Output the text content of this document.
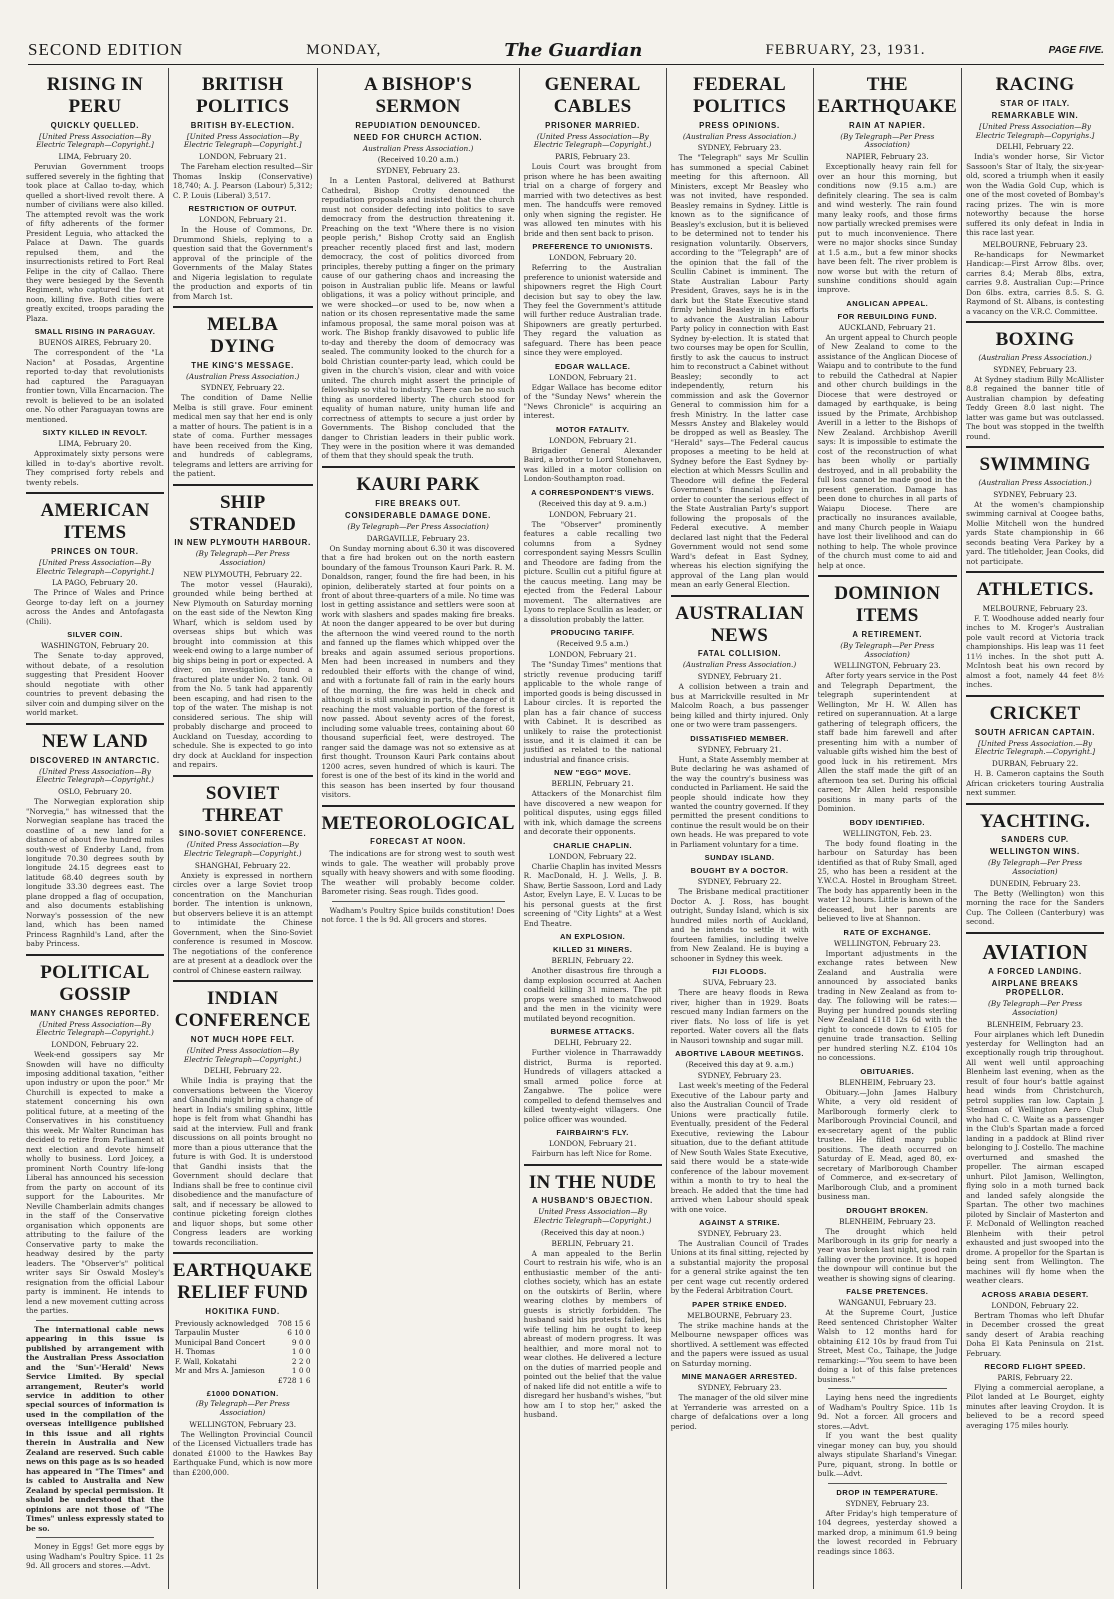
SECOND EDITION	MONDAY,	The Guardian	FEBRUARY, 23, 1931.	PAGE FIVE.
RISING IN PERU
QUICKLY QUELLED.
[United Press Association—By Electric Telegraph—Copyright.]
LIMA, February 20.

Peruvian Government troops suffered severely in the fighting that took place at Callao to-day, which quelled a short-lived revolt there. A number of civilians were also killed. The attempted revolt was the work of fifty adherents of the former President Leguia, who attacked the Palace at Dawn. The guards repulsed them, and the insurrectionists retired to Fort Real Felipe in the city of Callao. There they were besieged by the Seventh Regiment, who captured the fort at noon, killing five. Both cities were greatly excited, troops parading the Plaza.

SMALL RISING IN PARAGUAY.
BUENOS AIRES, February 20.

The correspondent of the "La Nacion" at Posadas, Argentine reported to-day that revolutionists had captured the Paraguayan frontier town, Villa Encarnacion. The revolt is believed to be an isolated one. No other Paraguayan towns are mentioned.

SIXTY KILLED IN REVOLT.
LIMA, February 20.

Approximately sixty persons were killed in to-day's abortive revolt. They comprised forty rebels and twenty rebels.

AMERICAN ITEMS
PRINCES ON TOUR.
[United Press Association—By Electric Telegraph—Copyright.]
LA PAGO, February 20.

The Prince of Wales and Prince George to-day left on a journey across the Andes and Antofagasta (Chili).

SILVER COIN.
WASHINGTON, February 20.

The Senate to-day approved, without debate, of a resolution suggesting that President Hoover should negotiate with other countries to prevent debasing the silver coin and dumping silver on the world market.

NEW LAND
DISCOVERED IN ANTARCTIC.
(United Press Association—By Electric Telegraph—Copyright.)
OSLO, February 20.

The Norwegian exploration ship "Norvegia," has witnessed that the Norwegian seaplane has traced the coastline of a new land for a distance of about five hundred miles south-west of Enderby Land, from longitude 70.30 degrees south by longitude 24.15 degrees east to latitude 68.40 degrees south by longitude 33.30 degrees east. The plane dropped a flag of occupation, and also documents establishing Norway's possession of the new land, which has been named Princess Ragnhild's Land, after the baby Princess.

POLITICAL GOSSIP
MANY CHANGES REPORTED.
(United Press Association—By Electric Telegraph—Copyright.)
LONDON, February 22.

Week-end gossipers say Mr Snowden will have no difficulty imposing additional taxation, "either upon industry or upon the poor." Mr Churchill is expected to make a statement concerning his own political future, at a meeting of the Conservatives in his constituency this week. Mr Walter Runciman has decided to retire from Parliament at next election and devote himself wholly to business. Lord Joicey, a prominent North Country life-long Liberal has announced his secession from the party on account of its support for the Labourites. Mr Neville Chamberlain admits changes in the staff of the Conservative organisation which opponents are attributing to the failure of the Conservative party to make the headway desired by the party leaders. The "Observer's" political writer says Sir Oswald Mosley's resignation from the official Labour party is imminent. He intends to lend a new movement cutting across the parties.

The international cable news appearing in this issue is published by arrangement with the Australian Press Association and the 'Sun'-'Herald' News Service Limited. By special arrangement, Reuter's world service in addition to other special sources of information is used in the compilation of the overseas intelligence published in this issue and all rights therein in Australia and New Zealand are reserved. Such cable news on this page as is so headed has appeared in "The Times" and is cabled to Australia and New Zealand by special permission. It should be understood that the opinions are not those of "The Times" unless expressly stated to be so.

Money in Eggs! Get more eggs by using Wadham's Poultry Spice. 11 2s 9d. All grocers and stores.—Advt.

BRITISH POLITICS
BRITISH BY-ELECTION.
[United Press Association—By Electric Telegraph—Copyright.]
LONDON, February 21.

The Fareham election resulted—Sir Thomas Inskip (Conservative) 18,740; A. J. Pearson (Labour) 5,312; C. P. Louis (Liberal) 3,517.

RESTRICTION OF OUTPUT.
LONDON, February 21.

In the House of Commons, Dr. Drummond Shiels, replying to a question said that the Government's approval of the principle of the Governments of the Malay States and Nigeria legislation to regulate the production and exports of tin from March 1st.

MELBA DYING
THE KING'S MESSAGE.
(Australian Press Association.)
SYDNEY, February 22.

The condition of Dame Nellie Melba is still grave. Four eminent medical men say that her end is only a matter of hours. The patient is in a state of coma. Further messages have been received from the King, and hundreds of cablegrams, telegrams and letters are arriving for the patient.

SHIP STRANDED
IN NEW PLYMOUTH HARBOUR.
(By Telegraph—Per Press Association)
NEW PLYMOUTH, February 22.

The motor vessel (Hauraki), grounded while being berthed at New Plymouth on Saturday morning on the east side of the Newton King Wharf, which is seldom used by overseas ships but which was brought into commission at this week-end owing to a large number of big ships being in port or expected. A diver, on investigation, found a fractured plate under No. 2 tank. Oil from the No. 5 tank had apparently been escaping, and had risen to the top of the water. The mishap is not considered serious. The ship will probably discharge and proceed to Auckland on Tuesday, according to schedule. She is expected to go into dry dock at Auckland for inspection and repairs.

SOVIET THREAT
SINO-SOVIET CONFERENCE.
(United Press Association—By Electric Telegraph—Copyright.)
SHANGHAI, February 22.

Anxiety is expressed in northern circles over a large Soviet troop concentration on the Manchurian border. The intention is unknown, but observers believe it is an attempt to intimidate the Chinese Government, when the Sino-Soviet conference is resumed in Moscow. The negotiations of the conference are at present at a deadlock over the control of Chinese eastern railway.

INDIAN CONFERENCE
NOT MUCH HOPE FELT.
(United Press Association—By Electric Telegraph—Copyright.)
DELHI, February 22.

While India is praying that the conversations between the Viceroy and Ghandhi might bring a change of heart in India's smiling sphinx, little hope is felt from what Ghandhi has said at the interview. Full and frank discussions on all points brought no more than a pious utterance that the future is with God. It is understood that Gandhi insists that the Government should declare that Indians shall be free to continue civil disobedience and the manufacture of salt, and if necessary be allowed to continue picketing foreign clothes and liquor shops, but some other Congress leaders are working towards reconciliation.

EARTHQUAKE RELIEF FUND
HOKITIKA FUND.
Previously acknowledged	708 15 6
Tarpaulin Muster	6 10 0
Municipal Band Concert	9 0 0
H. Thomas	1 0 0
F. Wall, Kokatahi	2 2 0
Mr and Mrs A. Jamieson	1 0 0
	£728 1 6
£1000 DONATION.
(By Telegraph—Per Press Association)
WELLINGTON, February 23.

The Wellington Provincial Council of the Licensed Victuallers trade has donated £1000 to the Hawkes Bay Earthquake Fund, which is now more than £200,000.

A BISHOP'S SERMON
REPUDIATION DENOUNCED.
NEED FOR CHURCH ACTION.
Australian Press Association.)
(Received 10.20 a.m.)
SYDNEY, February 23.

In a Lenten Pastoral, delivered at Bathurst Cathedral, Bishop Crotty denounced the repudiation proposals and insisted that the church must not consider defecting into politics to save democracy from the destruction threatening it. Preaching on the text "Where there is no vision people perish," Bishop Crotty said an English preacher recently placed first and last, modern democracy, the cost of politics divorced from principles, thereby putting a finger on the primary cause of our gathering chaos and increasing the poison in Australian public life. Means or lawful obligations, it was a policy without principle, and we were shocked—or used to be, now when a nation or its chosen representative made the same infamous proposal, the same moral poison was at work. The Bishop frankly disavowed to public life to-day and thereby the doom of democracy was sealed. The community looked to the church for a bold Christian counter-party lead, which could be given in the church's vision, clear and with voice united. The church might assert the principle of fellowship so vital to industry. There can be no such thing as unordered liberty. The church stood for equality of human nature, unity human life and correctness of attempts to secure a just order by Governments. The Bishop concluded that the danger to Christian leaders in their public work. They were in the position where it was demanded of them that they should speak the truth.

KAURI PARK
FIRE BREAKS OUT.
CONSIDERABLE DAMAGE DONE.
(By Telegraph—Per Press Association)
DARGAVILLE, February 23.

On Sunday morning about 6.30 it was discovered that a fire had broken out on the north eastern boundary of the famous Trounson Kauri Park. R. M. Donaldson, ranger, found the fire had been, in his opinion, deliberately started at four points on a front of about three-quarters of a mile. No time was lost in getting assistance and settlers were soon at work with slashers and spades making fire breaks. At noon the danger appeared to be over but during the afternoon the wind veered round to the north and fanned up the flames which whipped over the breaks and again assumed serious proportions. Men had been increased in numbers and they redoubled their efforts with the change of wind, and with a fortunate fall of rain in the early hours of the morning, the fire was held in check and although it is still smoking in parts, the danger of it reaching the most valuable portion of the forest is now passed. About seventy acres of the forest, including some valuable trees, containing about 60 thousand superficial feet, were destroyed. The ranger said the damage was not so extensive as at first thought. Trounson Kauri Park contains about 1200 acres, seven hundred of which is kauri. The forest is one of the best of its kind in the world and this season has been inserted by four thousand visitors.

METEOROLOGICAL
FORECAST AT NOON.

The indications are for strong west to south west winds to gale. The weather will probably prove squally with heavy showers and with some flooding. The weather will probably become colder. Barometer rising. Seas rough. Tides good.

Wadham's Poultry Spice builds constitution! Does not force. 1 the ls 9d. All grocers and stores.

GENERAL CABLES
PRISONER MARRIED.
(United Press Association—By Electric Telegraph—Copyright.)
PARIS, February 23.

Louis Court was brought from prison where he has been awaiting trial on a charge of forgery and married with two detectives as best men. The handcuffs were removed only when signing the register. He was allowed ten minutes with his bride and then sent back to prison.

PREFERENCE TO UNIONISTS.
LONDON, February 20.

Referring to the Australian preference to unionist waterside and shipowners regret the High Court decision but say to obey the law. They feel the Government's attitude will further reduce Australian trade. Shipowners are greatly perturbed. They regard the valuation as safeguard. There has been peace since they were employed.

EDGAR WALLACE.
LONDON, February 21.

Edgar Wallace has become editor of the "Sunday News" wherein the "News Chronicle" is acquiring an interest.

MOTOR FATALITY.
LONDON, February 21.

Brigadier General Alexander Baird, a brother to Lord Stonehaven, was killed in a motor collision on London-Southampton road.

A CORRESPONDENT'S VIEWS.
(Received this day at 9. a.m.)
LONDON, February 21.

The "Observer" prominently features a cable recalling two columns from a Sydney correspondent saying Messrs Scullin and Theodore are fading from the picture. Scullin cut a pitiful figure at the caucus meeting. Lang may be ejected from the Federal Labour movement. The alternatives are Lyons to replace Scullin as leader, or a dissolution probably the latter.

PRODUCING TARIFF.
(Received 9.5 a.m.)
LONDON, February 21.

The "Sunday Times" mentions that strictly revenue producing tariff applicable to the whole range of imported goods is being discussed in Labour circles. It is reported the plan has a fair chance of success with Cabinet. It is described as unlikely to raise the protectionist issue, and it is claimed it can be justified as related to the national industrial and finance crisis.

NEW "EGG" MOVE.
BERLIN, February 21.

Attackers of the Monarchist film have discovered a new weapon for political disputes, using eggs filled with ink, which damage the screens and decorate their opponents.

CHARLIE CHAPLIN.
LONDON, February 22.

Charlie Chaplin has invited Messrs R. MacDonald, H. J. Wells, J. B. Shaw, Bertie Sassoon, Lord and Lady Astor, Evelyn Laye, E. V. Lucas to be his personal guests at the first screening of "City Lights" at a West End Theatre.

AN EXPLOSION.
KILLED 31 MINERS.
BERLIN, February 22.

Another disastrous fire through a damp explosion occurred at Aachen coalfield killing 31 miners. The pit props were smashed to matchwood and the men in the vicinity were mutilated beyond recognition.

BURMESE ATTACKS.
DELHI, February 22.

Further violence in Tharrawaddy district, Burma is reported. Hundreds of villagers attacked a small armed police force at Zangabwe. The police were compelled to defend themselves and killed twenty-eight villagers. One police officer was wounded.

FAIRBAIRN'S FLY.
LONDON, February 21.

Fairburn has left Nice for Rome.

IN THE NUDE
A HUSBAND'S OBJECTION.
United Press Association—By Electric Telegraph—Copyright.)
(Received this day at noon.)
BERLIN, February 21.

A man appealed to the Berlin Court to restrain his wife, who is an enthusiastic member of the anti-clothes society, which has an estate on the outskirts of Berlin, where wearing clothes by members of guests is strictly forbidden. The husband said his protests failed, his wife telling him he ought to keep abreast of modern progress. It was healthier, and more moral not to wear clothes. He delivered a lecture on the duties of married people and pointed out the belief that the value of naked life did not entitle a wife to disregard her husband's wishes, "but how am I to stop her," asked the husband.

FEDERAL POLITICS
PRESS OPINIONS.
(Australian Press Association.)
SYDNEY, February 23.

The "Telegraph" says Mr Scullin has summoned a special Cabinet meeting for this afternoon. All Ministers, except Mr Beasley who was not invited, have responded. Beasley remains in Sydney. Little is known as to the significance of Beasley's exclusion, but it is believed to be determined not to tender his resignation voluntarily. Observers, according to the "Telegraph" are of the opinion that the fall of the Scullin Cabinet is imminent. The State Australian Labour Party President, Graves, says he is in the dark but the State Executive stand firmly behind Beasley in his efforts to advance the Australian Labour Party policy in connection with East Sydney by-election. It is stated that two courses may be open for Scullin, firstly to ask the caucus to instruct him to reconstruct a Cabinet without Beasley; secondly to act independently, return his commission and ask the Governor General to commission him for a fresh Ministry. In the latter case Messrs Anstey and Blakeley would be dropped as well as Beasley. The "Herald" says—The Federal caucus proposes a meeting to be held at Sydney before the East Sydney by-election at which Messrs Scullin and Theodore will define the Federal Government's financial policy in order to counter the serious effect of the State Australian Party's support following the proposals of the Federal executive. A member declared last night that the Federal Government would not send some Ward's defeat in East Sydney, whereas his election signifying the approval of the Lang plan would mean an early General Election.

AUSTRALIAN NEWS
FATAL COLLISION.
(Australian Press Association.)
SYDNEY, February 21.

A collision between a train and bus at Marrickville resulted in Mr Malcolm Roach, a bus passenger being killed and thirty injured. Only one or two were tram passengers.

DISSATISFIED MEMBER.
SYDNEY, February 21.

Hunt, a State Assembly member at Bute declaring he was ashamed of the way the country's business was conducted in Parliament. He said the people should indicate how they wanted the country governed. If they permitted the present conditions to continue the result would be on their own heads. He was prepared to vote in Parliament voluntary for a time.

SUNDAY ISLAND.
BOUGHT BY A DOCTOR.
SYDNEY, February 22.

The Brisbane medical practitioner Doctor A. J. Ross, has bought outright, Sunday Island, which is six hundred miles north of Auckland, and he intends to settle it with fourteen families, including twelve from New Zealand. He is buying a schooner in Sydney this week.

FIJI FLOODS.
SUVA, February 23.

There are heavy floods in Rewa river, higher than in 1929. Boats rescued many Indian farmers on the river flats. No loss of life is yet reported. Water covers all the flats in Nausori township and sugar mill.

ABORTIVE LABOUR MEETINGS.
(Received this day at 9. a.m.)
SYDNEY, February 23.

Last week's meeting of the Federal Executive of the Labour party and also the Australian Council of Trade Unions were practically futile. Eventually, president of the Federal Executive, reviewing the Labour situation, due to the defiant attitude of New South Wales State Executive, said there would be a state-wide conference of the labour movement within a month to try to heal the breach. He added that the time had arrived when Labour should speak with one voice.

AGAINST A STRIKE.
SYDNEY, February 23.

The Australian Council of Trades Unions at its final sitting, rejected by a substantial majority the proposal for a general strike against the ten per cent wage cut recently ordered by the Federal Arbitration Court.

PAPER STRIKE ENDED.
MELBOURNE, February 23.

The strike machine hands at the Melbourne newspaper offices was shortlived. A settlement was effected and the papers were issued as usual on Saturday morning.

MINE MANAGER ARRESTED.
SYDNEY, February 23.

The manager of the old silver mine at Yerranderie was arrested on a charge of defalcations over a long period.

THE EARTHQUAKE
RAIN AT NAPIER.
(By Telegraph—Per Press Association)
NAPIER, February 23.

Exceptionally heavy rain fell for over an hour this morning, but conditions now (9.15 a.m.) are definitely clearing. The sea is calm and wind westerly. The rain found many leaky roofs, and those firms now partially wrecked premises were put to much inconvenience. There were no major shocks since Sunday at 1.5 a.m., but a few minor shocks have been felt. The river problem is now worse but with the return of sunshine conditions should again improve.

ANGLICAN APPEAL.
FOR REBUILDING FUND.
AUCKLAND, February 21.

An urgent appeal to Church people of New Zealand to come to the assistance of the Anglican Diocese of Waiapu and to contribute to the fund to rebuild the Cathedral at Napier and other church buildings in the Diocese that were destroyed or damaged by earthquake, is being issued by the Primate, Archbishop Averill in a letter to the Bishops of New Zealand. Archbishop Averill says: It is impossible to estimate the cost of the reconstruction of what has been wholly or partially destroyed, and in all probability the full loss cannot be made good in the present generation. Damage has been done to churches in all parts of Waiapu Diocese. There are practically no insurances available, and many Church people in Waiapu have lost their livelihood and can do nothing to help. The whole province of the church must come to aid and help at once.

DOMINION ITEMS
A RETIREMENT.
(By Telegraph—Per Press Association)
WELLINGTON, February 23.

After forty years service in the Post and Telegraph Department, the telegraph superintendent at Wellington, Mr H. W. Allen has retired on superannuation. At a large gathering of telegraph officers, the staff bade him farewell and after presenting him with a number of valuable gifts wished him the best of good luck in his retirement. Mrs Allen the staff made the gift of an afternoon tea set. During his official career, Mr Allen held responsible positions in many parts of the Dominion.

BODY IDENTIFIED.
WELLINGTON, Feb. 23.

The body found floating in the harbour on Saturday has been identified as that of Ruby Small, aged 25, who has been a resident at the Y.W.C.A. Hostel in Brougham Street. The body has apparently been in the water 12 hours. Little is known of the deceased, but her parents are believed to live at Shannon.

RATE OF EXCHANGE.
WELLINGTON, February 23.

Important adjustments in the exchange rates between New Zealand and Australia were announced by associated banks trading in New Zealand as from to-day. The following will be rates:—Buying per hundred pounds sterling New Zealand £118 12s 6d with the right to concede down to £105 for genuine trade transaction. Selling per hundred sterling N.Z. £104 10s no concessions.

OBITUARIES.
BLENHEIM, February 23.

Obituary.—John James Halbury White, a very old resident of Marlborough formerly clerk to Marlborough Provincial Council, and ex-secretary agent of the public trustee. He filled many public positions. The death occurred on Saturday of E. Mead, aged 80, ex-secretary of Marlborough Chamber of Commerce, and ex-secretary of Marlborough Club, and a prominent business man.

DROUGHT BROKEN.
BLENHEIM, February 23.

The drought which held Marlborough in its grip for nearly a year was broken last night, good rain falling over the province. It is hoped the downpour will continue but the weather is showing signs of clearing.

FALSE PRETENCES.
WANGANUI, February 23.

At the Supreme Court, Justice Reed sentenced Christopher Walter Walsh to 12 months hard for obtaining £12 10s by fraud from Tui Street, Mest Co., Taihape, the Judge remarking:—"You seem to have been doing a lot of this false pretences business."

Laying hens need the ingredients of Wadham's Poultry Spice. 11b 1s 9d. Not a forcer. All grocers and stores.—Advt.

If you want the best quality vinegar money can buy, you should always stipulate Sharland's Vinegar. Pure, piquant, strong. In bottle or bulk.—Advt.

DROP IN TEMPERATURE.
SYDNEY, February 23.

After Friday's high temperature of 104 degrees, yesterday showed a marked drop, a minimum 61.9 being the lowest recorded in February readings since 1863.

RACING
STAR OF ITALY.
REMARKABLE WIN.
[United Press Association—By Electric Telegraph—Copyrighs.]
DELHI, February 22.

India's wonder horse, Sir Victor Sassoon's Star of Italy, the six-year-old, scored a triumph when it easily won the Wadia Gold Cup, which is one of the most coveted of Bombay's racing prizes. The win is more noteworthy because the horse suffered its only defeat in India in this race last year.

MELBOURNE, February 23.

Re-handicaps for Newmarket Handicap:—First Arrow 8lbs. over, carries 8.4; Merab 8lbs, extra, carries 9.8. Australian Cup:—Prince Don 6lbs. extra, carries 8.5. S. G. Raymond of St. Albans, is contesting a vacancy on the V.R.C. Committee.

BOXING
(Australian Press Association.)
SYDNEY, February 23.

At Sydney stadium Billy McAllister 8.8 regained the banner title of Australian champion by defeating Teddy Green 8.0 last night. The latter was game but was outclassed. The bout was stopped in the twelfth round.

SWIMMING
(Australian Press Association.)
SYDNEY, February 23.

At the women's championship swimming carnival at Coogee baths, Mollie Mitchell won the hundred yards State championship in 66 seconds beating Vera Parkey by a yard. The titleholder, Jean Cooks, did not participate.

ATHLETICS.
MELBOURNE, February 23.

F. T. Woodhouse added nearly four inches to M. Kroger's Australian pole vault record at Victoria track championships. His leap was 11 feet 11½ inches. In the shot putt A. McIntosh beat his own record by almost a foot, namely 44 feet 8½ inches.

CRICKET
SOUTH AFRICAN CAPTAIN.
[United Press Association.—By Electric Telegraph.—Copyright.]
DURBAN, February 22.

H. B. Cameron captains the South African cricketers touring Australia next summer.

YACHTING.
SANDERS CUP.
WELLINGTON WINS.
(By Telegraph—Per Press Association)
DUNEDIN, February 23.

The Betty (Wellington) won this morning the race for the Sanders Cup. The Colleen (Canterbury) was second.

AVIATION
A FORCED LANDING.
AIRPLANE BREAKS PROPELLOR.
(By Telegraph—Per Press Association)
BLENHEIM, February 23.

Four airplanes which left Dunedin yesterday for Wellington had an exceptionally rough trip throughout. All went well until approaching Blenheim last evening, when as the result of four hour's battle against head winds from Christchurch, petrol supplies ran low. Captain J. Stedman of Wellington Aero Club who had C. C. Waite as a passenger in the Club's Spartan made a forced landing in a paddock at Blind river belonging to J. Costello. The machine overturned and smashed the propeller. The airman escaped unhurt. Pilot Jamison, Wellington, flying solo in a moth turned back and landed safely alongside the Spartan. The other two machines piloted by Sinclair of Masterton and F. McDonald of Wellington reached Blenheim with their petrol exhausted and just swooped into the drome. A propellor for the Spartan is being sent from Wellington. The machines will fly home when the weather clears.

ACROSS ARABIA DESERT.
LONDON, February 22.

Bertram Thomas who left Dhufar in December crossed the great sandy desert of Arabia reaching Doha El Kata Peninsula on 21st. February.

RECORD FLIGHT SPEED.
PARIS, February 22.

Flying a commercial aeroplane, a Pilot landed at Le Bourget, eighty minutes after leaving Croydon. It is believed to be a record speed averaging 175 miles hourly.
